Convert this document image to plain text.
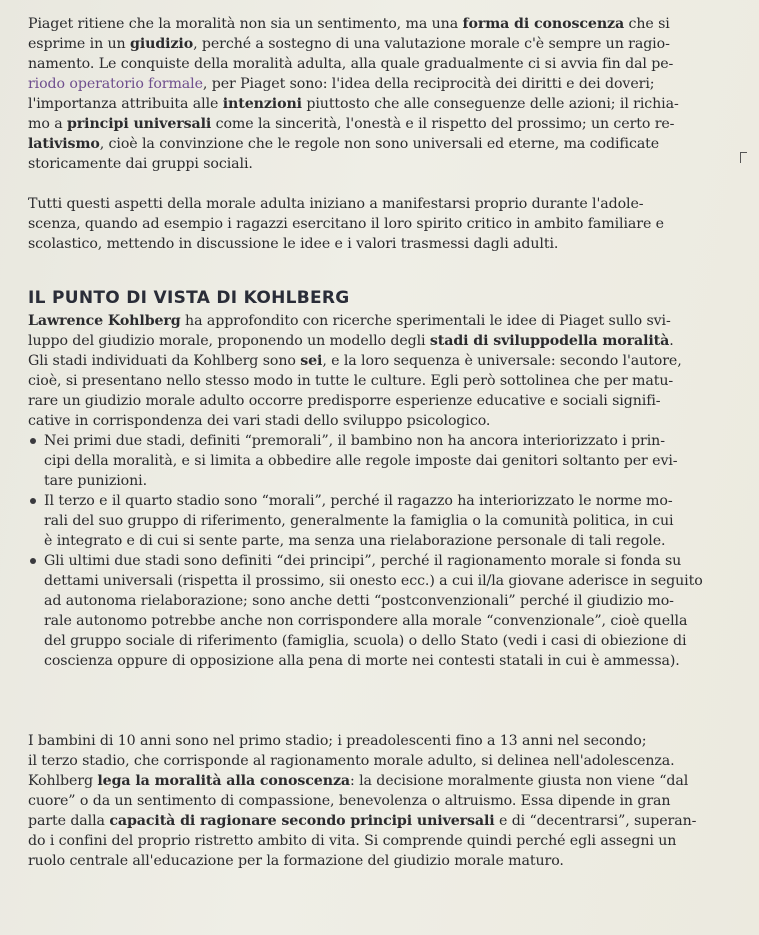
Piaget ritiene che la moralità non sia un sentimento, ma una forma di conoscenza che si
esprime in un giudizio, perché a sostegno di una valutazione morale c'è sempre un ragio-
namento. Le conquiste della moralità adulta, alla quale gradualmente ci si avvia fin dal pe-
riodo operatorio formale, per Piaget sono: l'idea della reciprocità dei diritti e dei doveri;
l'importanza attribuita alle intenzioni piuttosto che alle conseguenze delle azioni; il richia-
mo a principi universali come la sincerità, l'onestà e il rispetto del prossimo; un certo re-
lativismo, cioè la convinzione che le regole non sono universali ed eterne, ma codificate
storicamente dai gruppi sociali.
Tutti questi aspetti della morale adulta iniziano a manifestarsi proprio durante l'adole-
scenza, quando ad esempio i ragazzi esercitano il loro spirito critico in ambito familiare e
scolastico, mettendo in discussione le idee e i valori trasmessi dagli adulti.
IL PUNTO DI VISTA DI KOHLBERG
Lawrence Kohlberg ha approfondito con ricerche sperimentali le idee di Piaget sullo svi-
luppo del giudizio morale, proponendo un modello degli stadi di sviluppodella moralità.
Gli stadi individuati da Kohlberg sono sei, e la loro sequenza è universale: secondo l'autore,
cioè, si presentano nello stesso modo in tutte le culture. Egli però sottolinea che per matu-
rare un giudizio morale adulto occorre predisporre esperienze educative e sociali signifi-
cative in corrispondenza dei vari stadi dello sviluppo psicologico.
Nei primi due stadi, definiti “premorali”, il bambino non ha ancora interiorizzato i prin-
cipi della moralità, e si limita a obbedire alle regole imposte dai genitori soltanto per evi-
tare punizioni.
Il terzo e il quarto stadio sono “morali”, perché il ragazzo ha interiorizzato le norme mo-
rali del suo gruppo di riferimento, generalmente la famiglia o la comunità politica, in cui
è integrato e di cui si sente parte, ma senza una rielaborazione personale di tali regole.
Gli ultimi due stadi sono definiti “dei principi”, perché il ragionamento morale si fonda su
dettami universali (rispetta il prossimo, sii onesto ecc.) a cui il/la giovane aderisce in seguito
ad autonoma rielaborazione; sono anche detti “postconvenzionali” perché il giudizio mo-
rale autonomo potrebbe anche non corrispondere alla morale “convenzionale”, cioè quella
del gruppo sociale di riferimento (famiglia, scuola) o dello Stato (vedi i casi di obiezione di
coscienza oppure di opposizione alla pena di morte nei contesti statali in cui è ammessa).
I bambini di 10 anni sono nel primo stadio; i preadolescenti fino a 13 anni nel secondo;
il terzo stadio, che corrisponde al ragionamento morale adulto, si delinea nell'adolescenza.
Kohlberg lega la moralità alla conoscenza: la decisione moralmente giusta non viene “dal
cuore” o da un sentimento di compassione, benevolenza o altruismo. Essa dipende in gran
parte dalla capacità di ragionare secondo principi universali e di “decentrarsi”, superan-
do i confini del proprio ristretto ambito di vita. Si comprende quindi perché egli assegni un
ruolo centrale all'educazione per la formazione del giudizio morale maturo.
